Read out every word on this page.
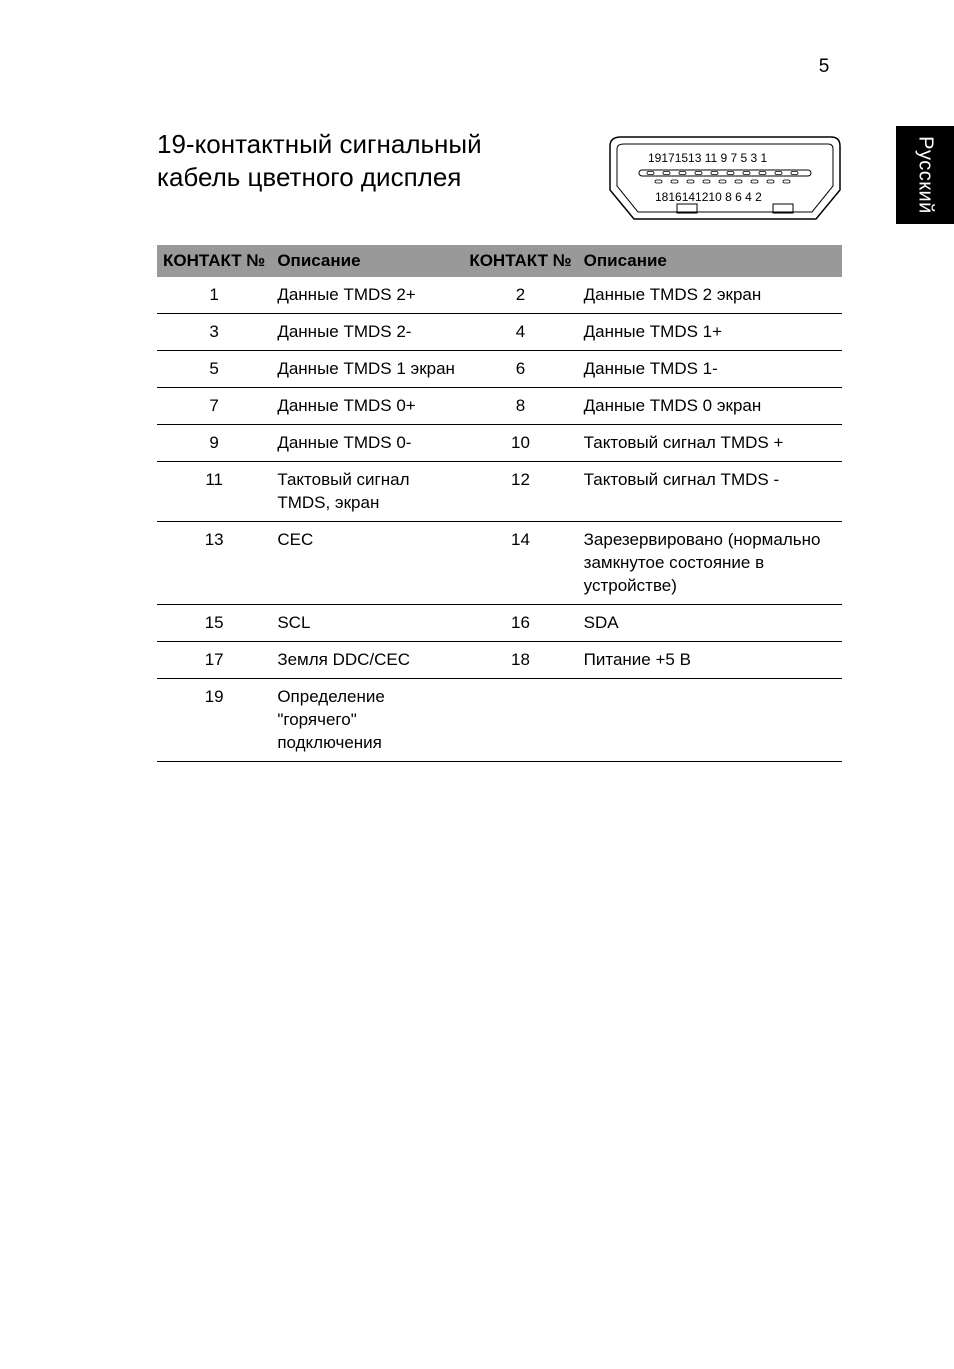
5
Русский
19-контактный сигнальный
кабель цветного дисплея
19171513 11 9 7 5 3 1
1816141210 8 6 4 2
КОНТАКТ №	Описание	КОНТАКТ №	Описание
1	Данные TMDS 2+	2	Данные TMDS 2 экран
3	Данные TMDS 2-	4	Данные TMDS 1+
5	Данные TMDS 1 экран	6	Данные TMDS 1-
7	Данные TMDS 0+	8	Данные TMDS 0 экран
9	Данные TMDS 0-	10	Тактовый сигнал TMDS +
11	Тактовый сигнал TMDS, экран	12	Тактовый сигнал TMDS -
13	CEC	14	Зарезервировано (нормально замкнутое состояние в устройстве)
15	SCL	16	SDA
17	Земля DDC/CEC	18	Питание +5 В
19	Определение "горячего" подключения		
